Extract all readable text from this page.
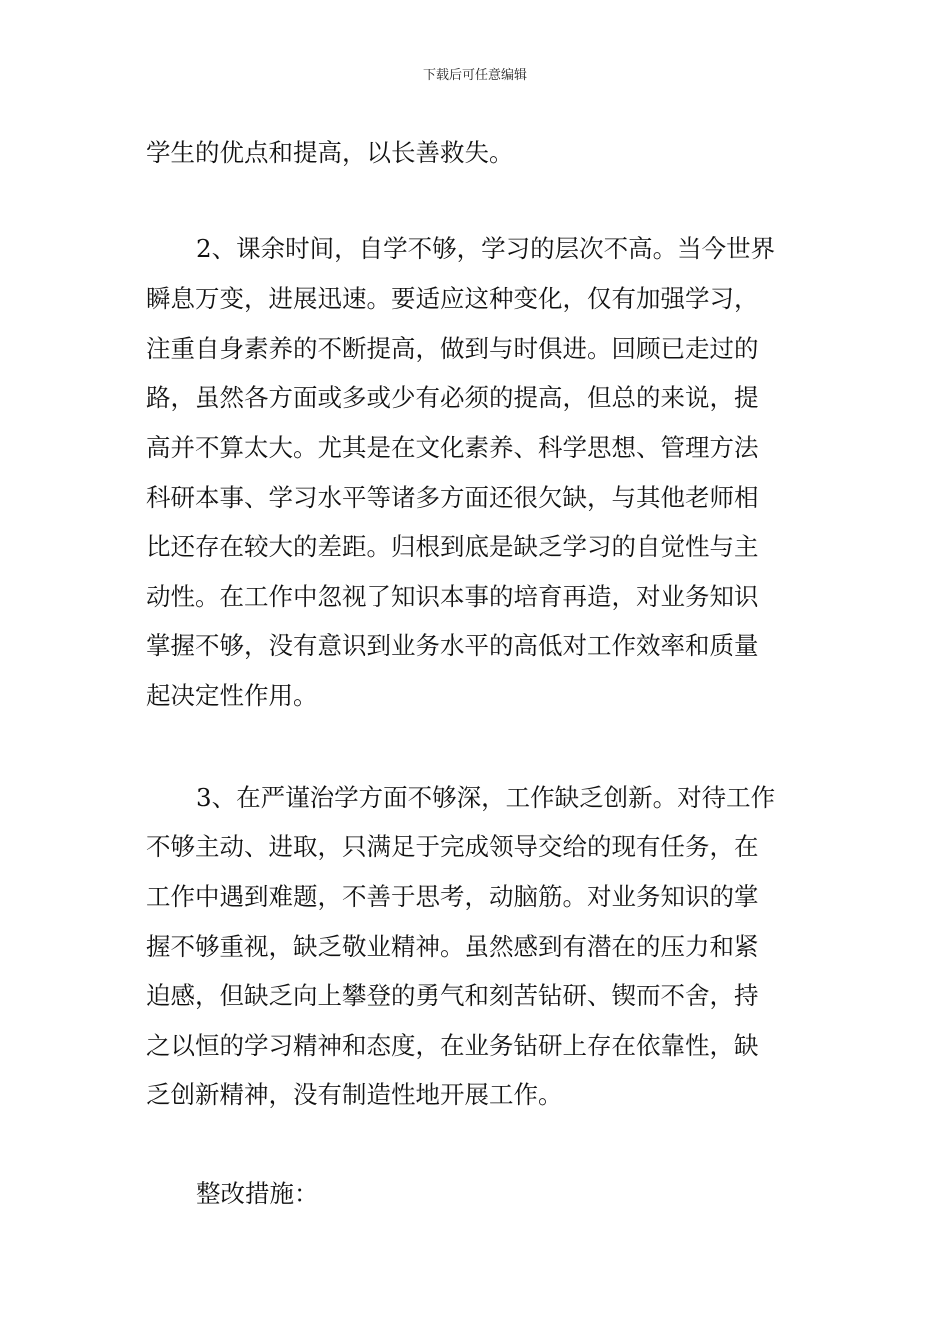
下载后可任意编辑
学生的优点和提高，以长善救失。
2、课余时间，自学不够，学习的层次不高。当今世界
瞬息万变，进展迅速。要适应这种变化，仅有加强学习，
注重自身素养的不断提高，做到与时俱进。回顾已走过的
路，虽然各方面或多或少有必须的提高，但总的来说，提
高并不算太大。尤其是在文化素养、科学思想、管理方法
科研本事、学习水平等诸多方面还很欠缺，与其他老师相
比还存在较大的差距。归根到底是缺乏学习的自觉性与主
动性。在工作中忽视了知识本事的培育再造，对业务知识
掌握不够，没有意识到业务水平的高低对工作效率和质量
起决定性作用。
3、在严谨治学方面不够深，工作缺乏创新。对待工作
不够主动、进取，只满足于完成领导交给的现有任务，在
工作中遇到难题，不善于思考，动脑筋。对业务知识的掌
握不够重视，缺乏敬业精神。虽然感到有潜在的压力和紧
迫感，但缺乏向上攀登的勇气和刻苦钻研、锲而不舍，持
之以恒的学习精神和态度，在业务钻研上存在依靠性，缺
乏创新精神，没有制造性地开展工作。
整改措施：
